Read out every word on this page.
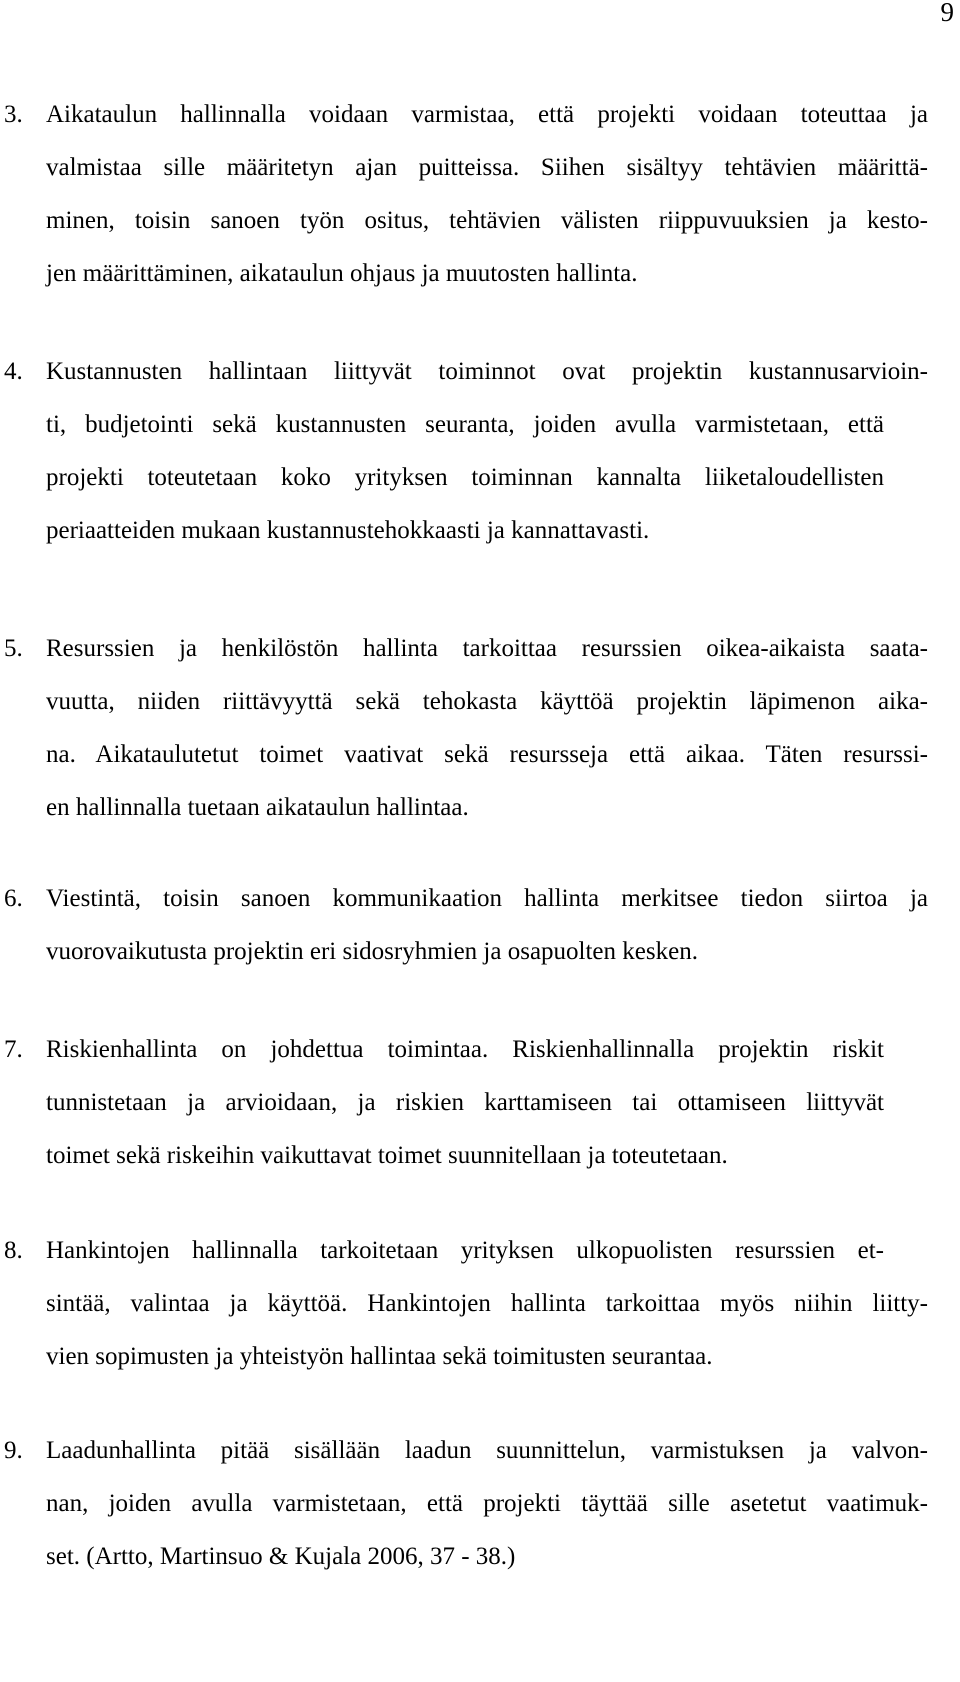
9
3. Aikataulun hallinnalla voidaan varmistaa, että projekti voidaan toteuttaa ja
valmistaa sille määritetyn ajan puitteissa. Siihen sisältyy tehtävien määrittä-
minen, toisin sanoen työn ositus, tehtävien välisten riippuvuuksien ja kesto-
jen määrittäminen, aikataulun ohjaus ja muutosten hallinta.
4. Kustannusten hallintaan liittyvät toiminnot ovat projektin kustannusarvioin-
ti, budjetointi sekä kustannusten seuranta, joiden avulla varmistetaan, että
projekti toteutetaan koko yrityksen toiminnan kannalta liiketaloudellisten
periaatteiden mukaan kustannustehokkaasti ja kannattavasti.
5. Resurssien ja henkilöstön hallinta tarkoittaa resurssien oikea-aikaista saata-
vuutta, niiden riittävyyttä sekä tehokasta käyttöä projektin läpimenon aika-
na. Aikataulutetut toimet vaativat sekä resursseja että aikaa. Täten resurssi-
en hallinnalla tuetaan aikataulun hallintaa.
6. Viestintä, toisin sanoen kommunikaation hallinta merkitsee tiedon siirtoa ja
vuorovaikutusta projektin eri sidosryhmien ja osapuolten kesken.
7. Riskienhallinta on johdettua toimintaa. Riskienhallinnalla projektin riskit
tunnistetaan ja arvioidaan, ja riskien karttamiseen tai ottamiseen liittyvät
toimet sekä riskeihin vaikuttavat toimet suunnitellaan ja toteutetaan.
8. Hankintojen hallinnalla tarkoitetaan yrityksen ulkopuolisten resurssien et-
sintää, valintaa ja käyttöä. Hankintojen hallinta tarkoittaa myös niihin liitty-
vien sopimusten ja yhteistyön hallintaa sekä toimitusten seurantaa.
9. Laadunhallinta pitää sisällään laadun suunnittelun, varmistuksen ja valvon-
nan, joiden avulla varmistetaan, että projekti täyttää sille asetetut vaatimuk-
set. (Artto, Martinsuo & Kujala 2006, 37 - 38.)
